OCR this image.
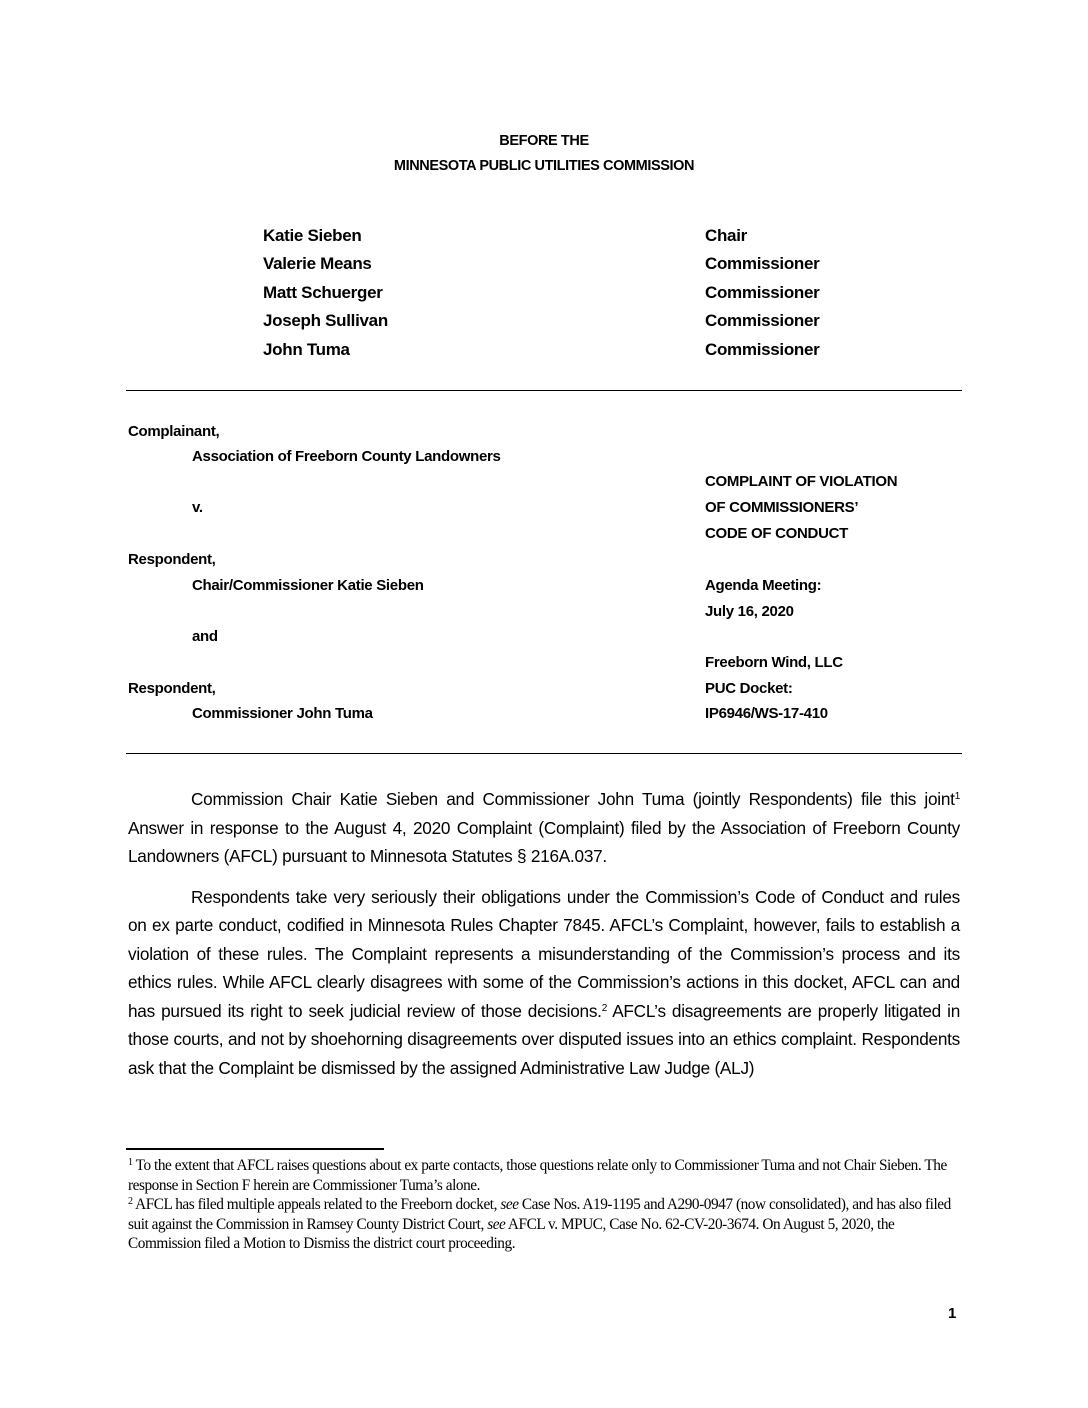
BEFORE THE
MINNESOTA PUBLIC UTILITIES COMMISSION
Katie Sieben	Chair
Valerie Means	Commissioner
Matt Schuerger	Commissioner
Joseph Sullivan	Commissioner
John Tuma	Commissioner
Complainant,
Association of Freeborn County Landowners
v.
Respondent,
Chair/Commissioner Katie Sieben
and
Respondent,
Commissioner John Tuma
COMPLAINT OF VIOLATION
OF COMMISSIONERS’
CODE OF CONDUCT
Agenda Meeting:
July 16, 2020
Freeborn Wind, LLC
PUC Docket:
IP6946/WS-17-410

Commission Chair Katie Sieben and Commissioner John Tuma (jointly Respondents) file this joint$^1$ Answer in response to the August 4, 2020 Complaint (Complaint) filed by the Association of Freeborn County Landowners (AFCL) pursuant to Minnesota Statutes § 216A.037.

Respondents take very seriously their obligations under the Commission’s Code of Conduct and rules on ex parte conduct, codified in Minnesota Rules Chapter 7845. AFCL’s Complaint, however, fails to establish a violation of these rules. The Complaint represents a misunderstanding of the Commission’s process and its ethics rules. While AFCL clearly disagrees with some of the Commission’s actions in this docket, AFCL can and has pursued its right to seek judicial review of those decisions.$^2$ AFCL’s disagreements are properly litigated in those courts, and not by shoehorning disagreements over disputed issues into an ethics complaint. Respondents ask that the Complaint be dismissed by the assigned Administrative Law Judge (ALJ)

$^1$ To the extent that AFCL raises questions about ex parte contacts, those questions relate only to Commissioner Tuma and not Chair Sieben. The response in Section F herein are Commissioner Tuma’s alone.

$^2$ AFCL has filed multiple appeals related to the Freeborn docket, see Case Nos. A19-1195 and A290-0947 (now consolidated), and has also filed suit against the Commission in Ramsey County District Court, see AFCL v. MPUC, Case No. 62-CV-20-3674. On August 5, 2020, the Commission filed a Motion to Dismiss the district court proceeding.

1
